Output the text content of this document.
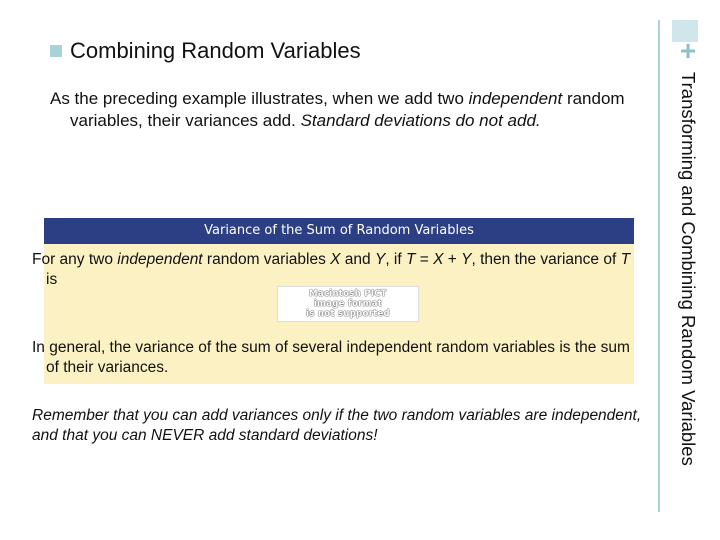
+
Transforming and Combining Random Variables
Combining Random Variables

As the preceding example illustrates, when we add two independent random variables, their variances add. Standard deviations do not add.

Variance of the Sum of Random Variables

For any two independent random variables X and Y, if T = X + Y, then the variance of T is

Macintosh PICT
image format
is not supported

In general, the variance of the sum of several independent random variables is the sum of their variances.

Remember that you can add variances only if the two random variables are independent, and that you can NEVER add standard deviations!
